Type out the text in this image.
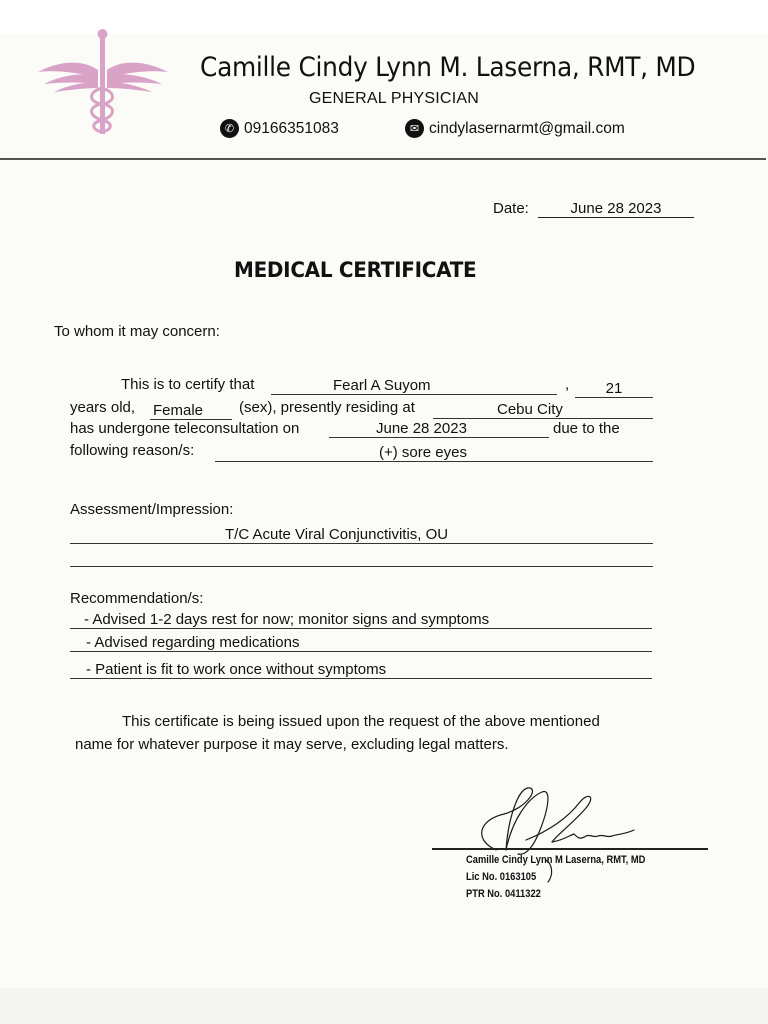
Camille Cindy Lynn M. Laserna, RMT, MD
GENERAL PHYSICIAN
✆ 09166351083	✉ cindylasernarmt@gmail.com
Date:	June 28 2023
MEDICAL CERTIFICATE
To whom it may concern:
This is to certify that	Fearl A Suyom	,	21
years old, Female	(sex), presently residing at	Cebu City
has undergone teleconsultation on	June 28 2023	due to the
following reason/s:	(+) sore eyes
Assessment/Impression:
T/C Acute Viral Conjunctivitis, OU
Recommendation/s:
- Advised 1-2 days rest for now; monitor signs and symptoms
- Advised regarding medications
- Patient is fit to work once without symptoms
This certificate is being issued upon the request of the above mentioned
name for whatever purpose it may serve, excluding legal matters.
Camille Cindy Lynn M Laserna, RMT, MD
Lic No. 0163105
PTR No. 0411322
